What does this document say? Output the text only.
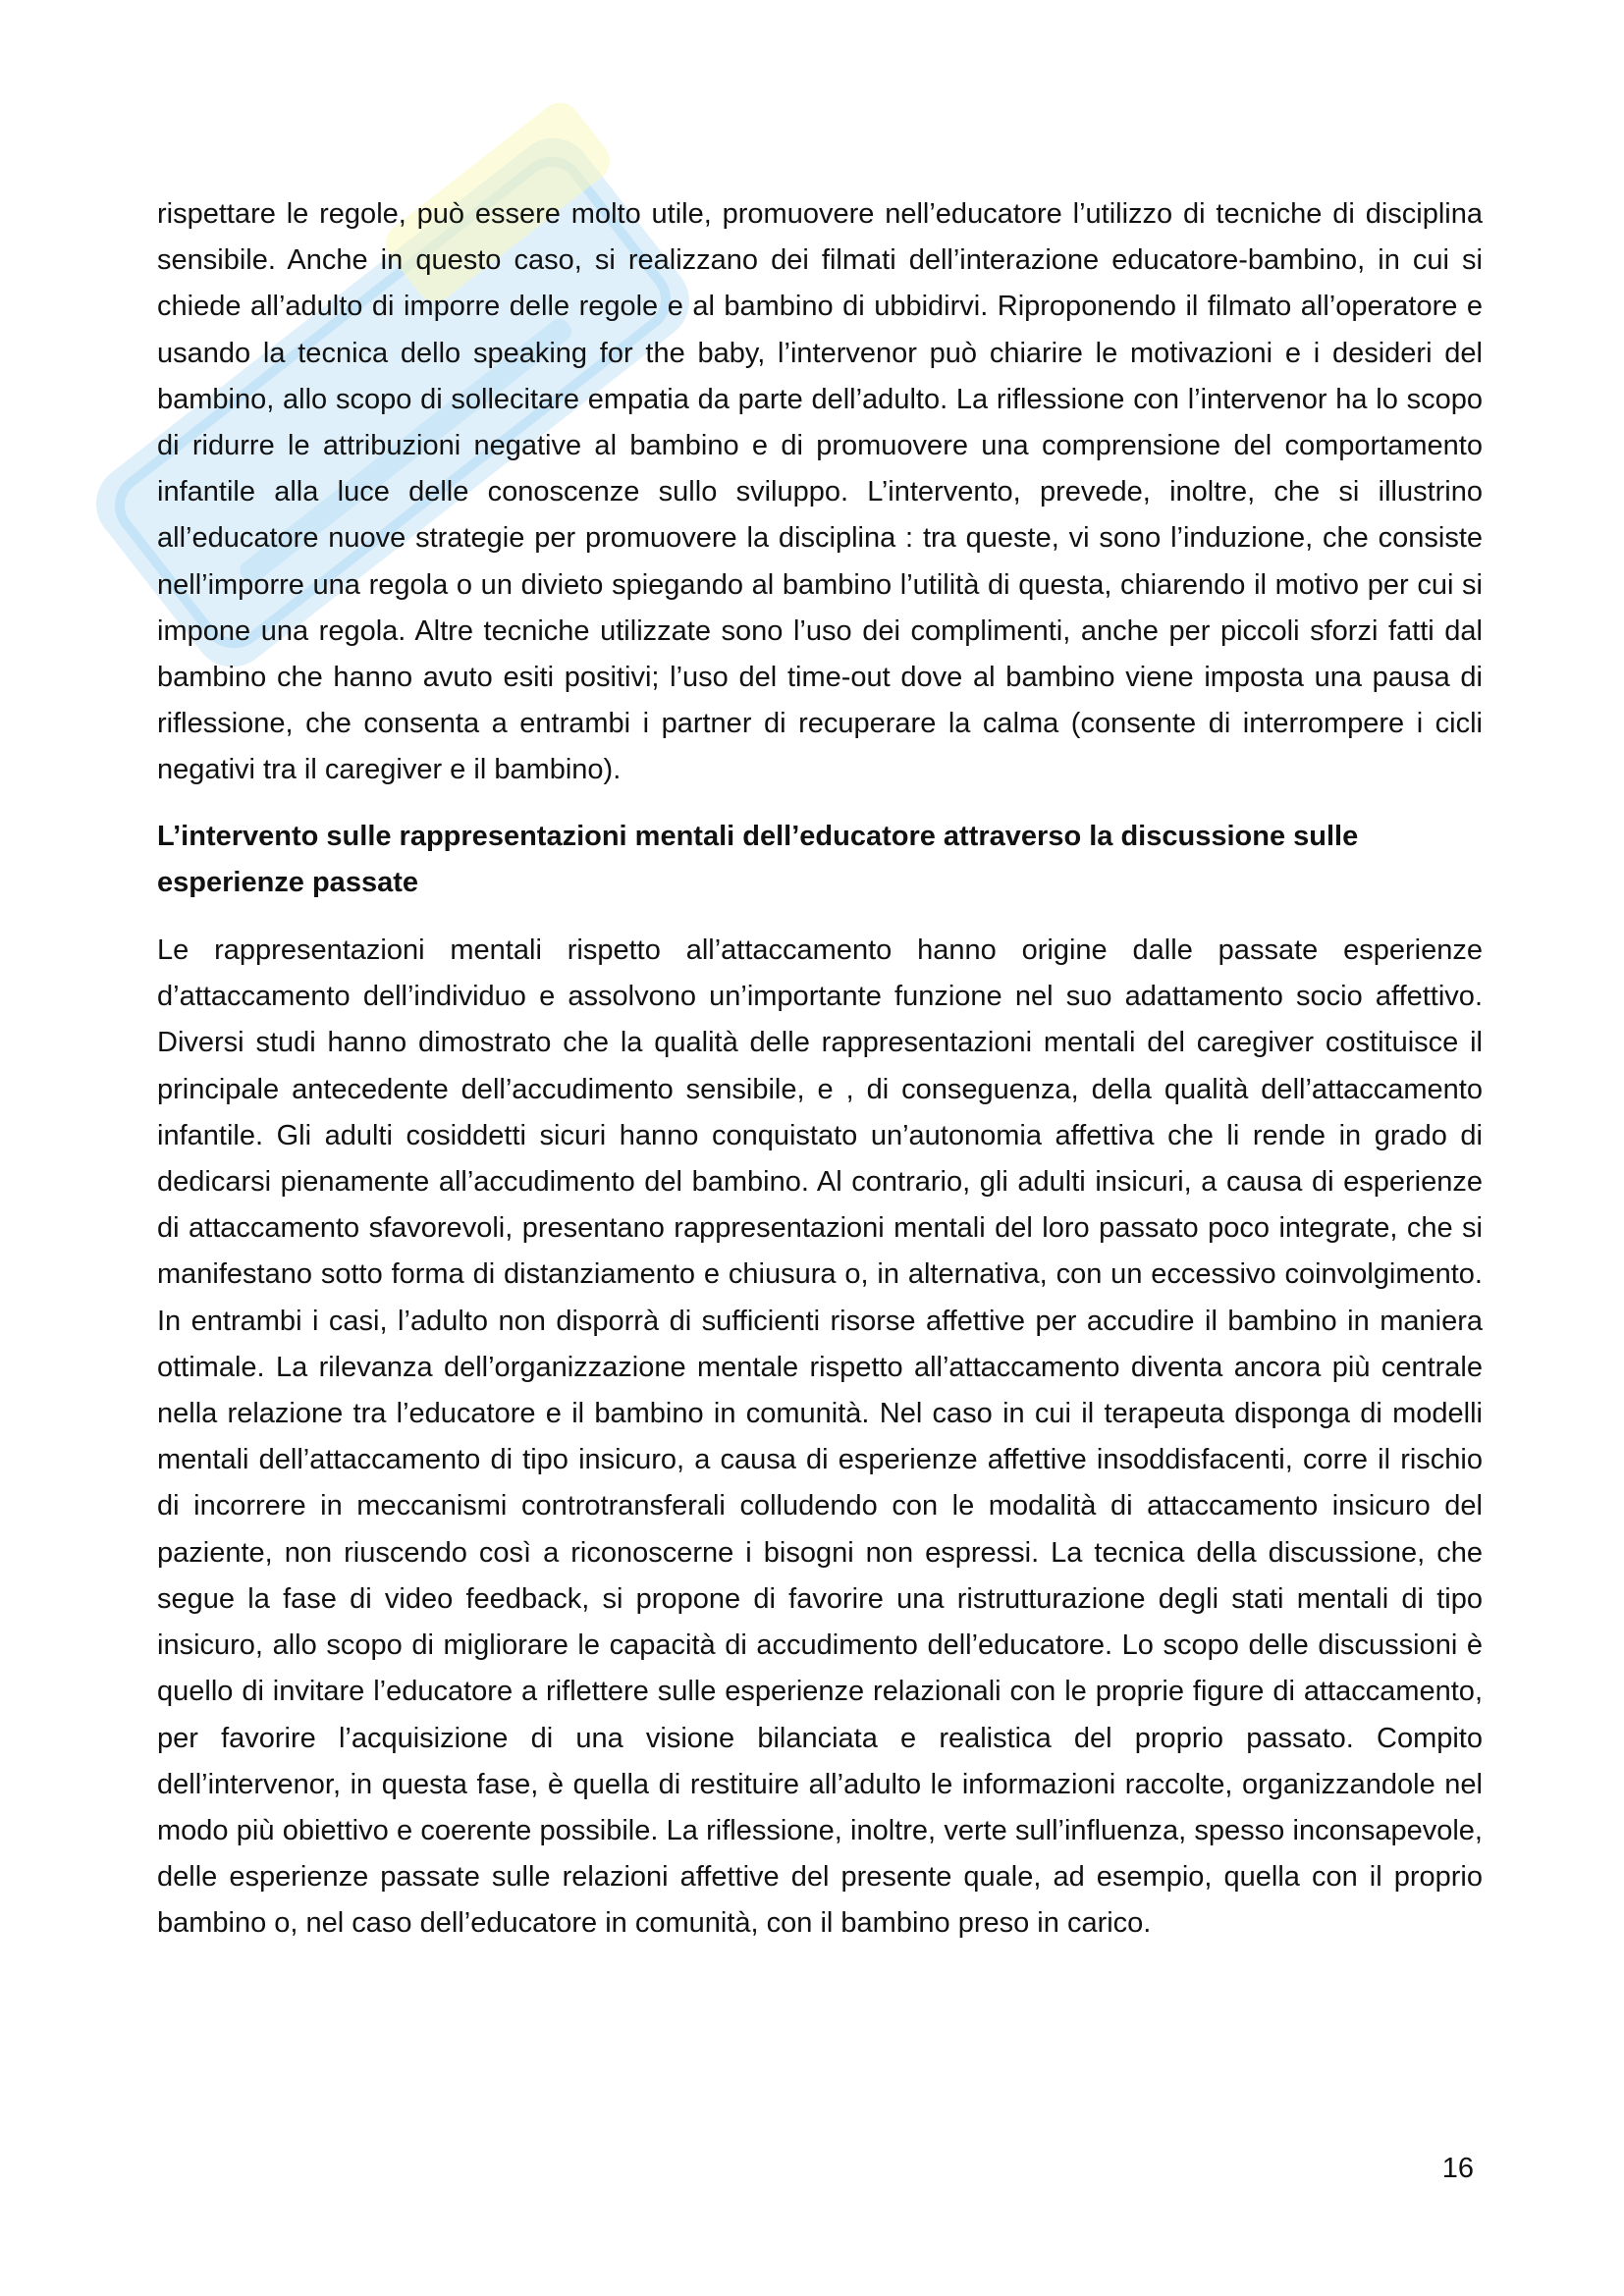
rispettare le regole, può essere molto utile, promuovere nell’educatore l’utilizzo di tecniche di disciplina sensibile. Anche in questo caso, si realizzano dei filmati dell’interazione educatore-bambino, in cui si chiede all’adulto di imporre delle regole e al bambino di ubbidirvi. Riproponendo il filmato all’operatore e usando la tecnica dello speaking for the baby, l’intervenor può chiarire le motivazioni e i desideri del bambino, allo scopo di sollecitare empatia da parte dell’adulto. La riflessione con l’intervenor ha lo scopo di ridurre le attribuzioni negative al bambino e di promuovere una comprensione del comportamento infantile alla luce delle conoscenze sullo sviluppo. L’intervento, prevede, inoltre, che si illustrino all’educatore nuove strategie per promuovere la disciplina : tra queste, vi sono l’induzione, che consiste nell’imporre una regola o un divieto spiegando al bambino l’utilità di questa, chiarendo il motivo per cui si impone una regola. Altre tecniche utilizzate sono l’uso dei complimenti, anche per piccoli sforzi fatti dal bambino che hanno avuto esiti positivi; l’uso del time-out dove al bambino viene imposta una pausa di riflessione, che consenta a entrambi i partner di recuperare la calma (consente di interrompere i cicli negativi tra il caregiver e il bambino).

L’intervento sulle rappresentazioni mentali dell’educatore attraverso la discussione sulle esperienze passate

Le rappresentazioni mentali rispetto all’attaccamento hanno origine dalle passate esperienze d’attaccamento dell’individuo e assolvono un’importante funzione nel suo adattamento socio affettivo. Diversi studi hanno dimostrato che la qualità delle rappresentazioni mentali del caregiver costituisce il principale antecedente dell’accudimento sensibile, e , di conseguenza, della qualità dell’attaccamento infantile. Gli adulti cosiddetti sicuri hanno conquistato un’autonomia affettiva che li rende in grado di dedicarsi pienamente all’accudimento del bambino. Al contrario, gli adulti insicuri, a causa di esperienze di attaccamento sfavorevoli, presentano rappresentazioni mentali del loro passato poco integrate, che si manifestano sotto forma di distanziamento e chiusura o, in alternativa, con un eccessivo coinvolgimento. In entrambi i casi, l’adulto non disporrà di sufficienti risorse affettive per accudire il bambino in maniera ottimale. La rilevanza dell’organizzazione mentale rispetto all’attaccamento diventa ancora più centrale nella relazione tra l’educatore e il bambino in comunità. Nel caso in cui il terapeuta disponga di modelli mentali dell’attaccamento di tipo insicuro, a causa di esperienze affettive insoddisfacenti, corre il rischio di incorrere in meccanismi controtransferali colludendo con le modalità di attaccamento insicuro del paziente, non riuscendo così a riconoscerne i bisogni non espressi. La tecnica della discussione, che segue la fase di video feedback, si propone di favorire una ristrutturazione degli stati mentali di tipo insicuro, allo scopo di migliorare le capacità di accudimento dell’educatore. Lo scopo delle discussioni è quello di invitare l’educatore a riflettere sulle esperienze relazionali con le proprie figure di attaccamento, per favorire l’acquisizione di una visione bilanciata e realistica del proprio passato. Compito dell’intervenor, in questa fase, è quella di restituire all’adulto le informazioni raccolte, organizzandole nel modo più obiettivo e coerente possibile. La riflessione, inoltre, verte sull’influenza, spesso inconsapevole, delle esperienze passate sulle relazioni affettive del presente quale, ad esempio, quella con il proprio bambino o, nel caso dell’educatore in comunità, con il bambino preso in carico.

16
